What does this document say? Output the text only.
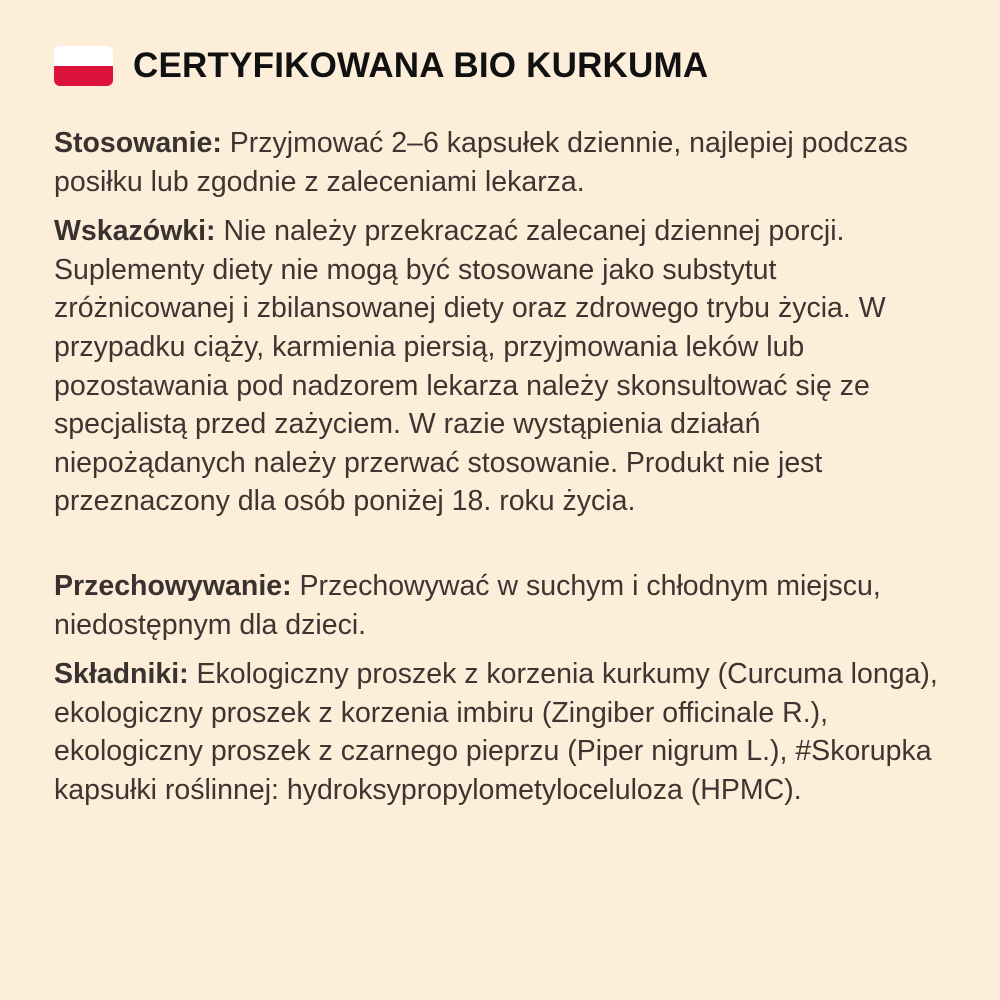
CERTYFIKOWANA BIO KURKUMA

Stosowanie: Przyjmować 2–6 kapsułek dziennie, najlepiej podczas posiłku lub zgodnie z zaleceniami lekarza.

Wskazówki: Nie należy przekraczać zalecanej dziennej porcji. Suplementy diety nie mogą być stosowane jako substytut zróżnicowanej i zbilansowanej diety oraz zdrowego trybu życia. W przypadku ciąży, karmienia piersią, przyjmowania leków lub pozostawania pod nadzorem lekarza należy skonsultować się ze specjalistą przed zażyciem. W razie wystąpienia działań niepożądanych należy przerwać stosowanie. Produkt nie jest przeznaczony dla osób poniżej 18. roku życia.

Przechowywanie: Przechowywać w suchym i chłodnym miejscu, niedostępnym dla dzieci.

Składniki: Ekologiczny proszek z korzenia kurkumy (Curcuma longa), ekologiczny proszek z korzenia imbiru (Zingiber officinale R.), ekologiczny proszek z czarnego pieprzu (Piper nigrum L.), #Skorupka kapsułki roślinnej: hydroksypropylometyloceluloza (HPMC).
